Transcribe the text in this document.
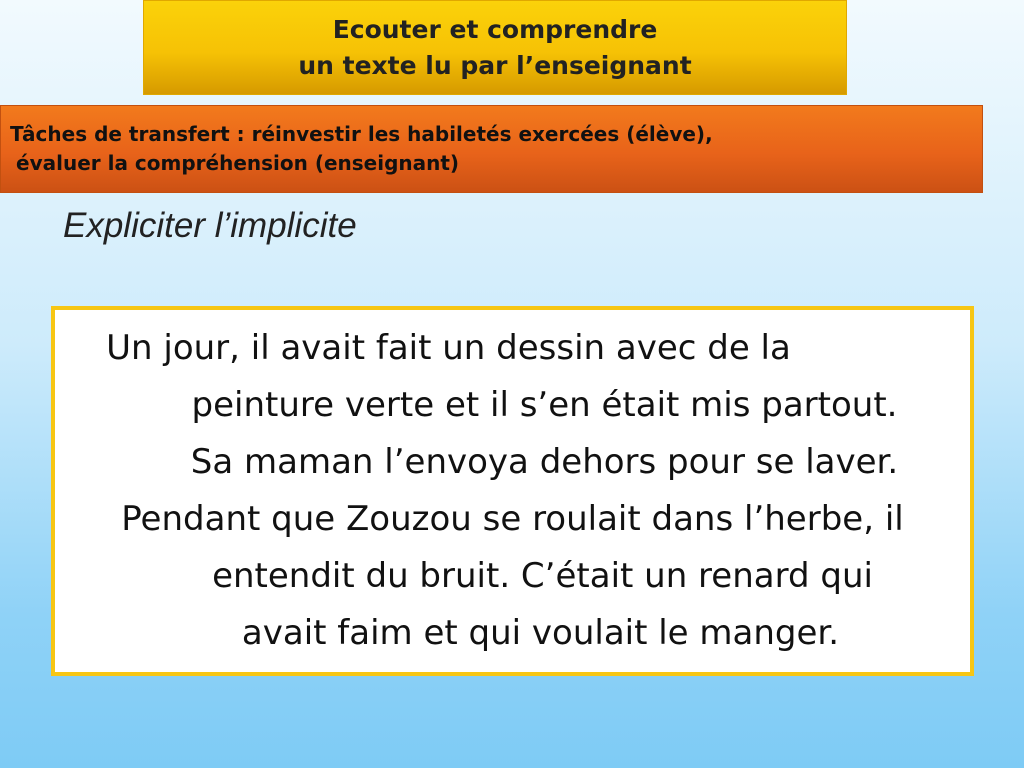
Ecouter et comprendre
un texte lu par l’enseignant
Tâches de transfert : réinvestir les habiletés exercées (élève),
évaluer la compréhension (enseignant)
Expliciter l’implicite

Un jour, il avait fait un dessin avec de la

peinture verte et il s’en était mis partout.

Sa maman l’envoya dehors pour se laver.

Pendant que Zouzou se roulait dans l’herbe, il

entendit du bruit. C’était un renard qui

avait faim et qui voulait le manger.
